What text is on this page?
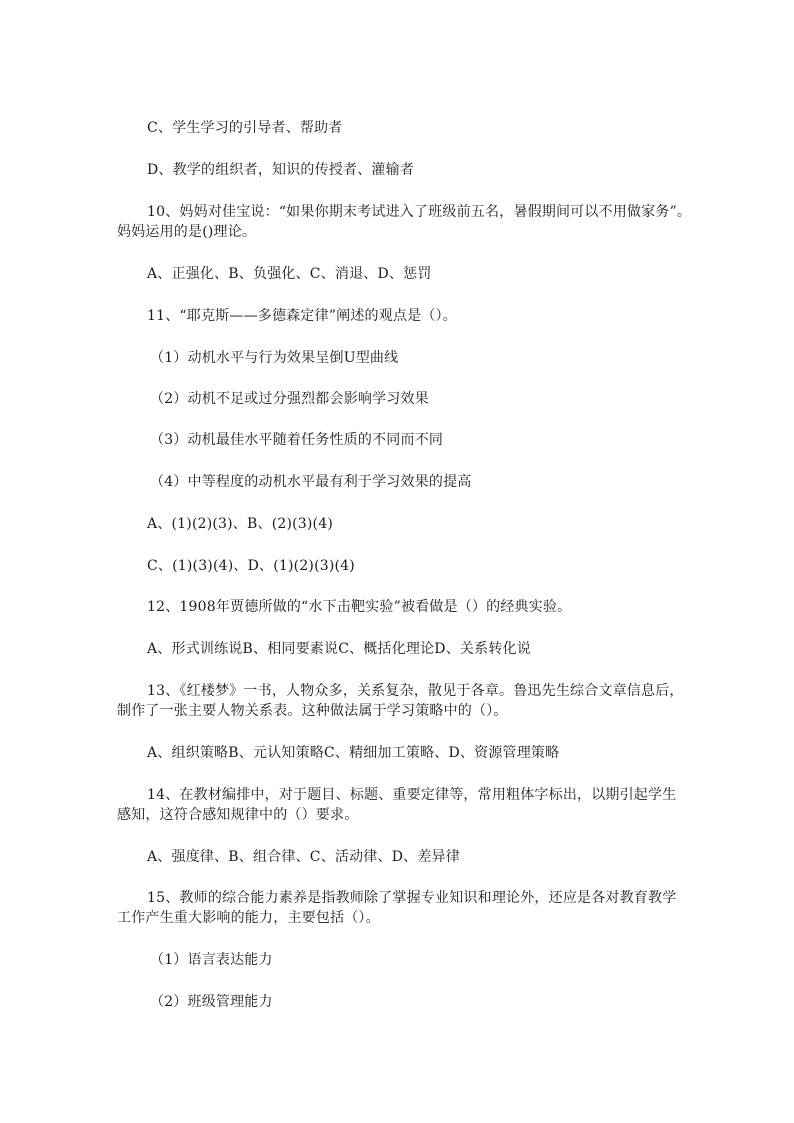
C、学生学习的引导者、帮助者
D、教学的组织者，知识的传授者、灌输者
10、妈妈对佳宝说：“如果你期末考试进入了班级前五名，暑假期间可以不用做家务”。
妈妈运用的是()理论。
A、正强化、B、负强化、C、消退、D、惩罚
11、“耶克斯——多德森定律”阐述的观点是（）。
（1）动机水平与行为效果呈倒U型曲线
（2）动机不足或过分强烈都会影响学习效果
（3）动机最佳水平随着任务性质的不同而不同
（4）中等程度的动机水平最有利于学习效果的提高
A、(1)(2)(3)、B、(2)(3)(4)
C、(1)(3)(4)、D、(1)(2)(3)(4)
12、1908年贾德所做的“水下击靶实验”被看做是（）的经典实验。
A、形式训练说B、相同要素说C、概括化理论D、关系转化说
13、《红楼梦》一书，人物众多，关系复杂，散见于各章。鲁迅先生综合文章信息后，
制作了一张主要人物关系表。这种做法属于学习策略中的（）。
A、组织策略B、元认知策略C、精细加工策略、D、资源管理策略
14、在教材编排中，对于题目、标题、重要定律等，常用粗体字标出，以期引起学生
感知，这符合感知规律中的（）要求。
A、强度律、B、组合律、C、活动律、D、差异律
15、教师的综合能力素养是指教师除了掌握专业知识和理论外，还应是各对教育教学
工作产生重大影响的能力，主要包括（）。
（1）语言表达能力
（2）班级管理能力
